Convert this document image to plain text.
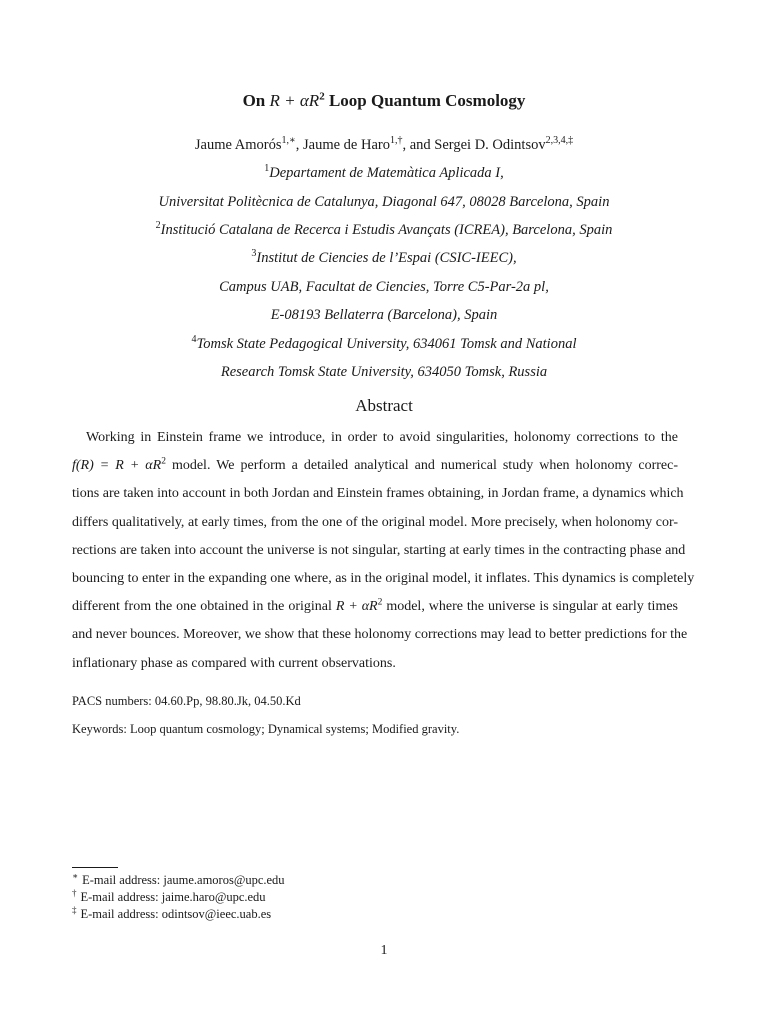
On $R + \alpha R^2$ Loop Quantum Cosmology
Jaume Amorós$^{1,∗}$, Jaume de Haro$^{1,\dagger}$, and Sergei D. Odintsov$^{2,3,4,\ddagger}$
$^1$Departament de Matemàtica Aplicada I,
Universitat Politècnica de Catalunya, Diagonal 647, 08028 Barcelona, Spain
$^2$Institució Catalana de Recerca i Estudis Avançats (ICREA), Barcelona, Spain
$^3$Institut de Ciencies de l’Espai (CSIC-IEEC),
Campus UAB, Facultat de Ciencies, Torre C5-Par-2a pl,
E-08193 Bellaterra (Barcelona), Spain
$^4$Tomsk State Pedagogical University, 634061 Tomsk and National
Research Tomsk State University, 634050 Tomsk, Russia
Abstract
Working in Einstein frame we introduce, in order to avoid singularities, holonomy corrections to the
$f(R) = R + \alpha R^2$ model. We perform a detailed analytical and numerical study when holonomy correc-
tions are taken into account in both Jordan and Einstein frames obtaining, in Jordan frame, a dynamics which
differs qualitatively, at early times, from the one of the original model. More precisely, when holonomy cor-
rections are taken into account the universe is not singular, starting at early times in the contracting phase and
bouncing to enter in the expanding one where, as in the original model, it inflates. This dynamics is completely
different from the one obtained in the original $R + \alpha R^2$ model, where the universe is singular at early times
and never bounces. Moreover, we show that these holonomy corrections may lead to better predictions for the
inflationary phase as compared with current observations.
PACS numbers: 04.60.Pp, 98.80.Jk, 04.50.Kd
Keywords: Loop quantum cosmology; Dynamical systems; Modified gravity.
∗ E-mail address: jaume.amoros@upc.edu
† E-mail address: jaime.haro@upc.edu
‡ E-mail address: odintsov@ieec.uab.es
1
